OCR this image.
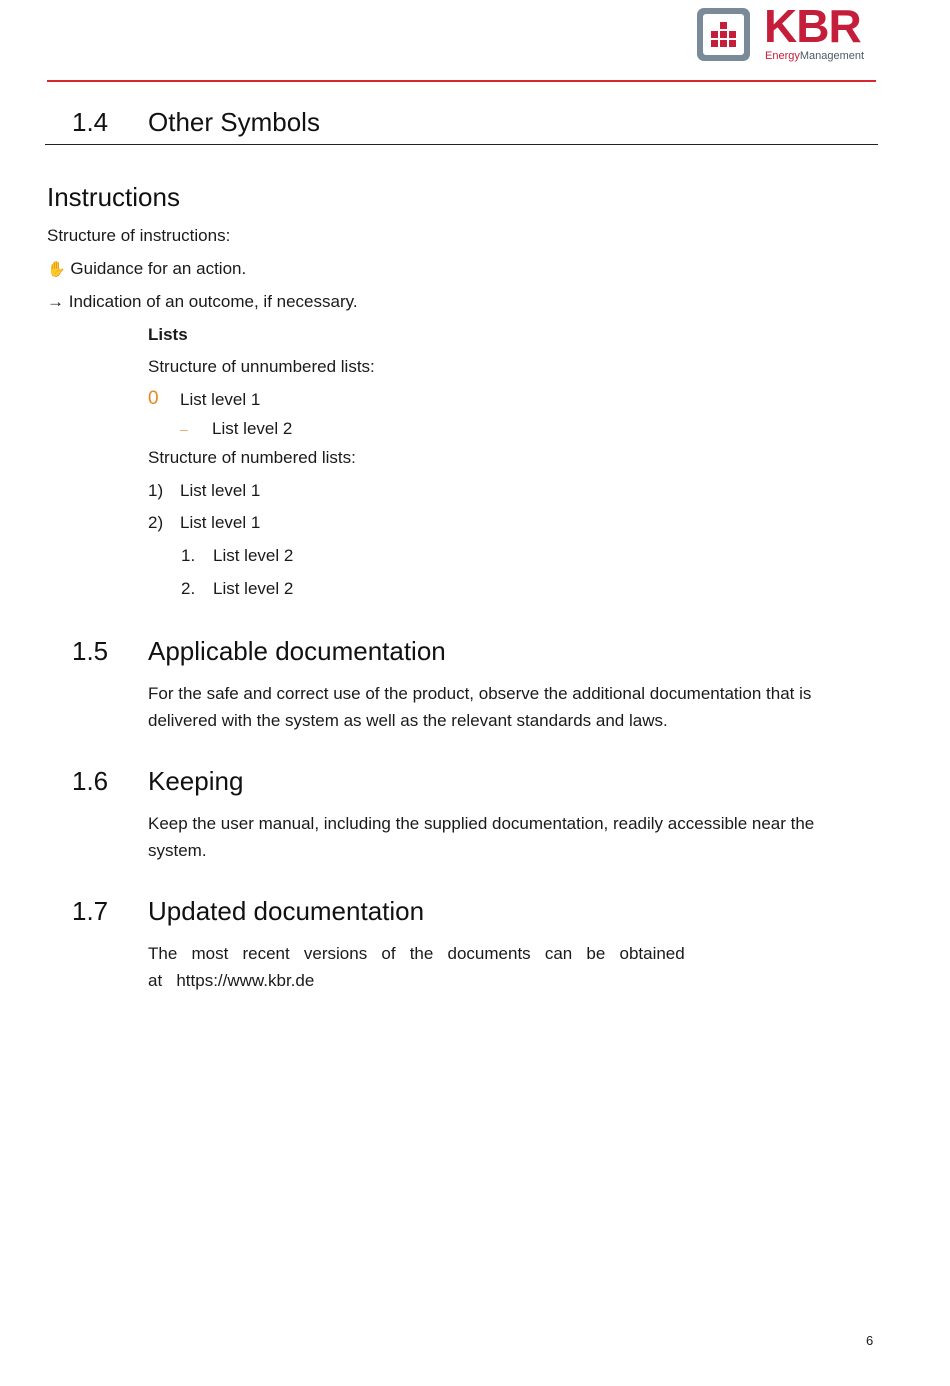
KBR
EnergyManagement
1.4 Other Symbols
Instructions
Structure of instructions:
✋ Guidance for an action.
→ Indication of an outcome, if necessary.
Lists
Structure of unnumbered lists:
0 List level 1
– List level 2
Structure of numbered lists:
1) List level 1
2) List level 1
1. List level 2
2. List level 2
1.5 Applicable documentation
For the safe and correct use of the product, observe the additional documentation that is
delivered with the system as well as the relevant standards and laws.
1.6 Keeping
Keep the user manual, including the supplied documentation, readily accessible near the
system.
1.7 Updated documentation
The   most   recent   versions   of   the   documents   can   be   obtained
at   https://www.kbr.de
6
